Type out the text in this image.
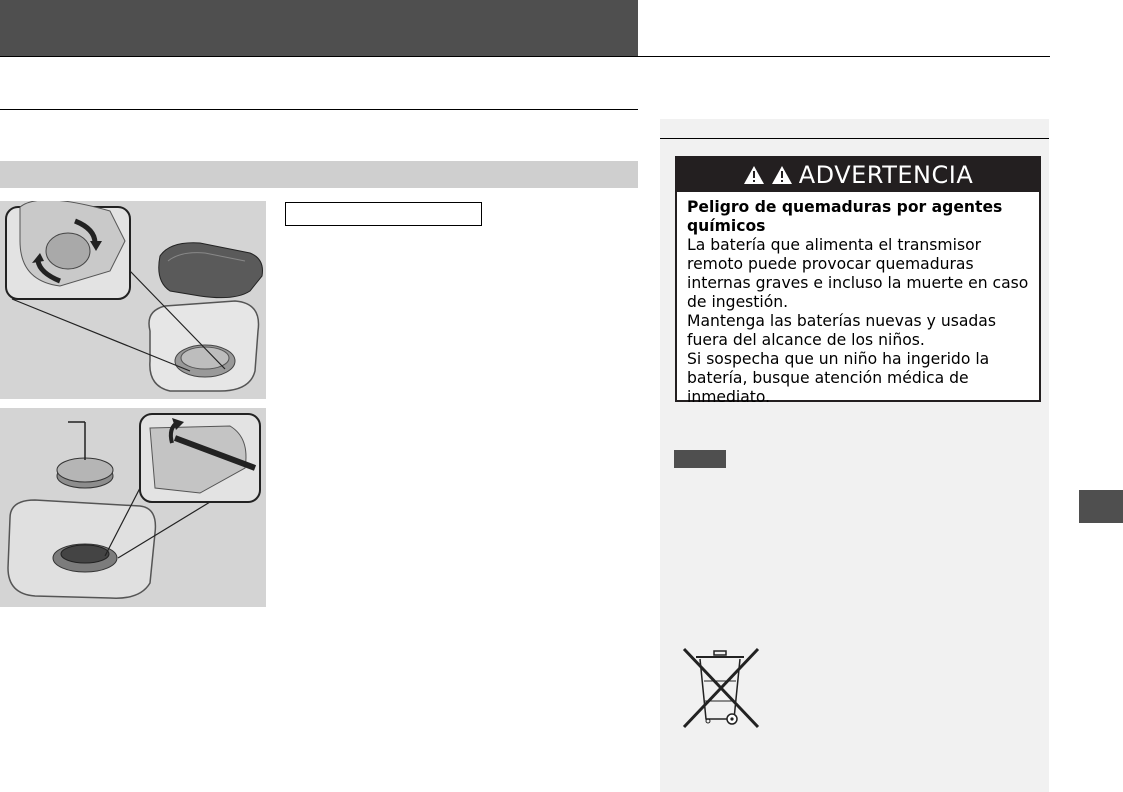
ADVERTENCIA
Peligro de quemaduras por agentes
químicos
La batería que alimenta el transmisor
remoto puede provocar quemaduras
internas graves e incluso la muerte en caso
de ingestión.
Mantenga las baterías nuevas y usadas
fuera del alcance de los niños.
Si sospecha que un niño ha ingerido la
batería, busque atención médica de
inmediato.
